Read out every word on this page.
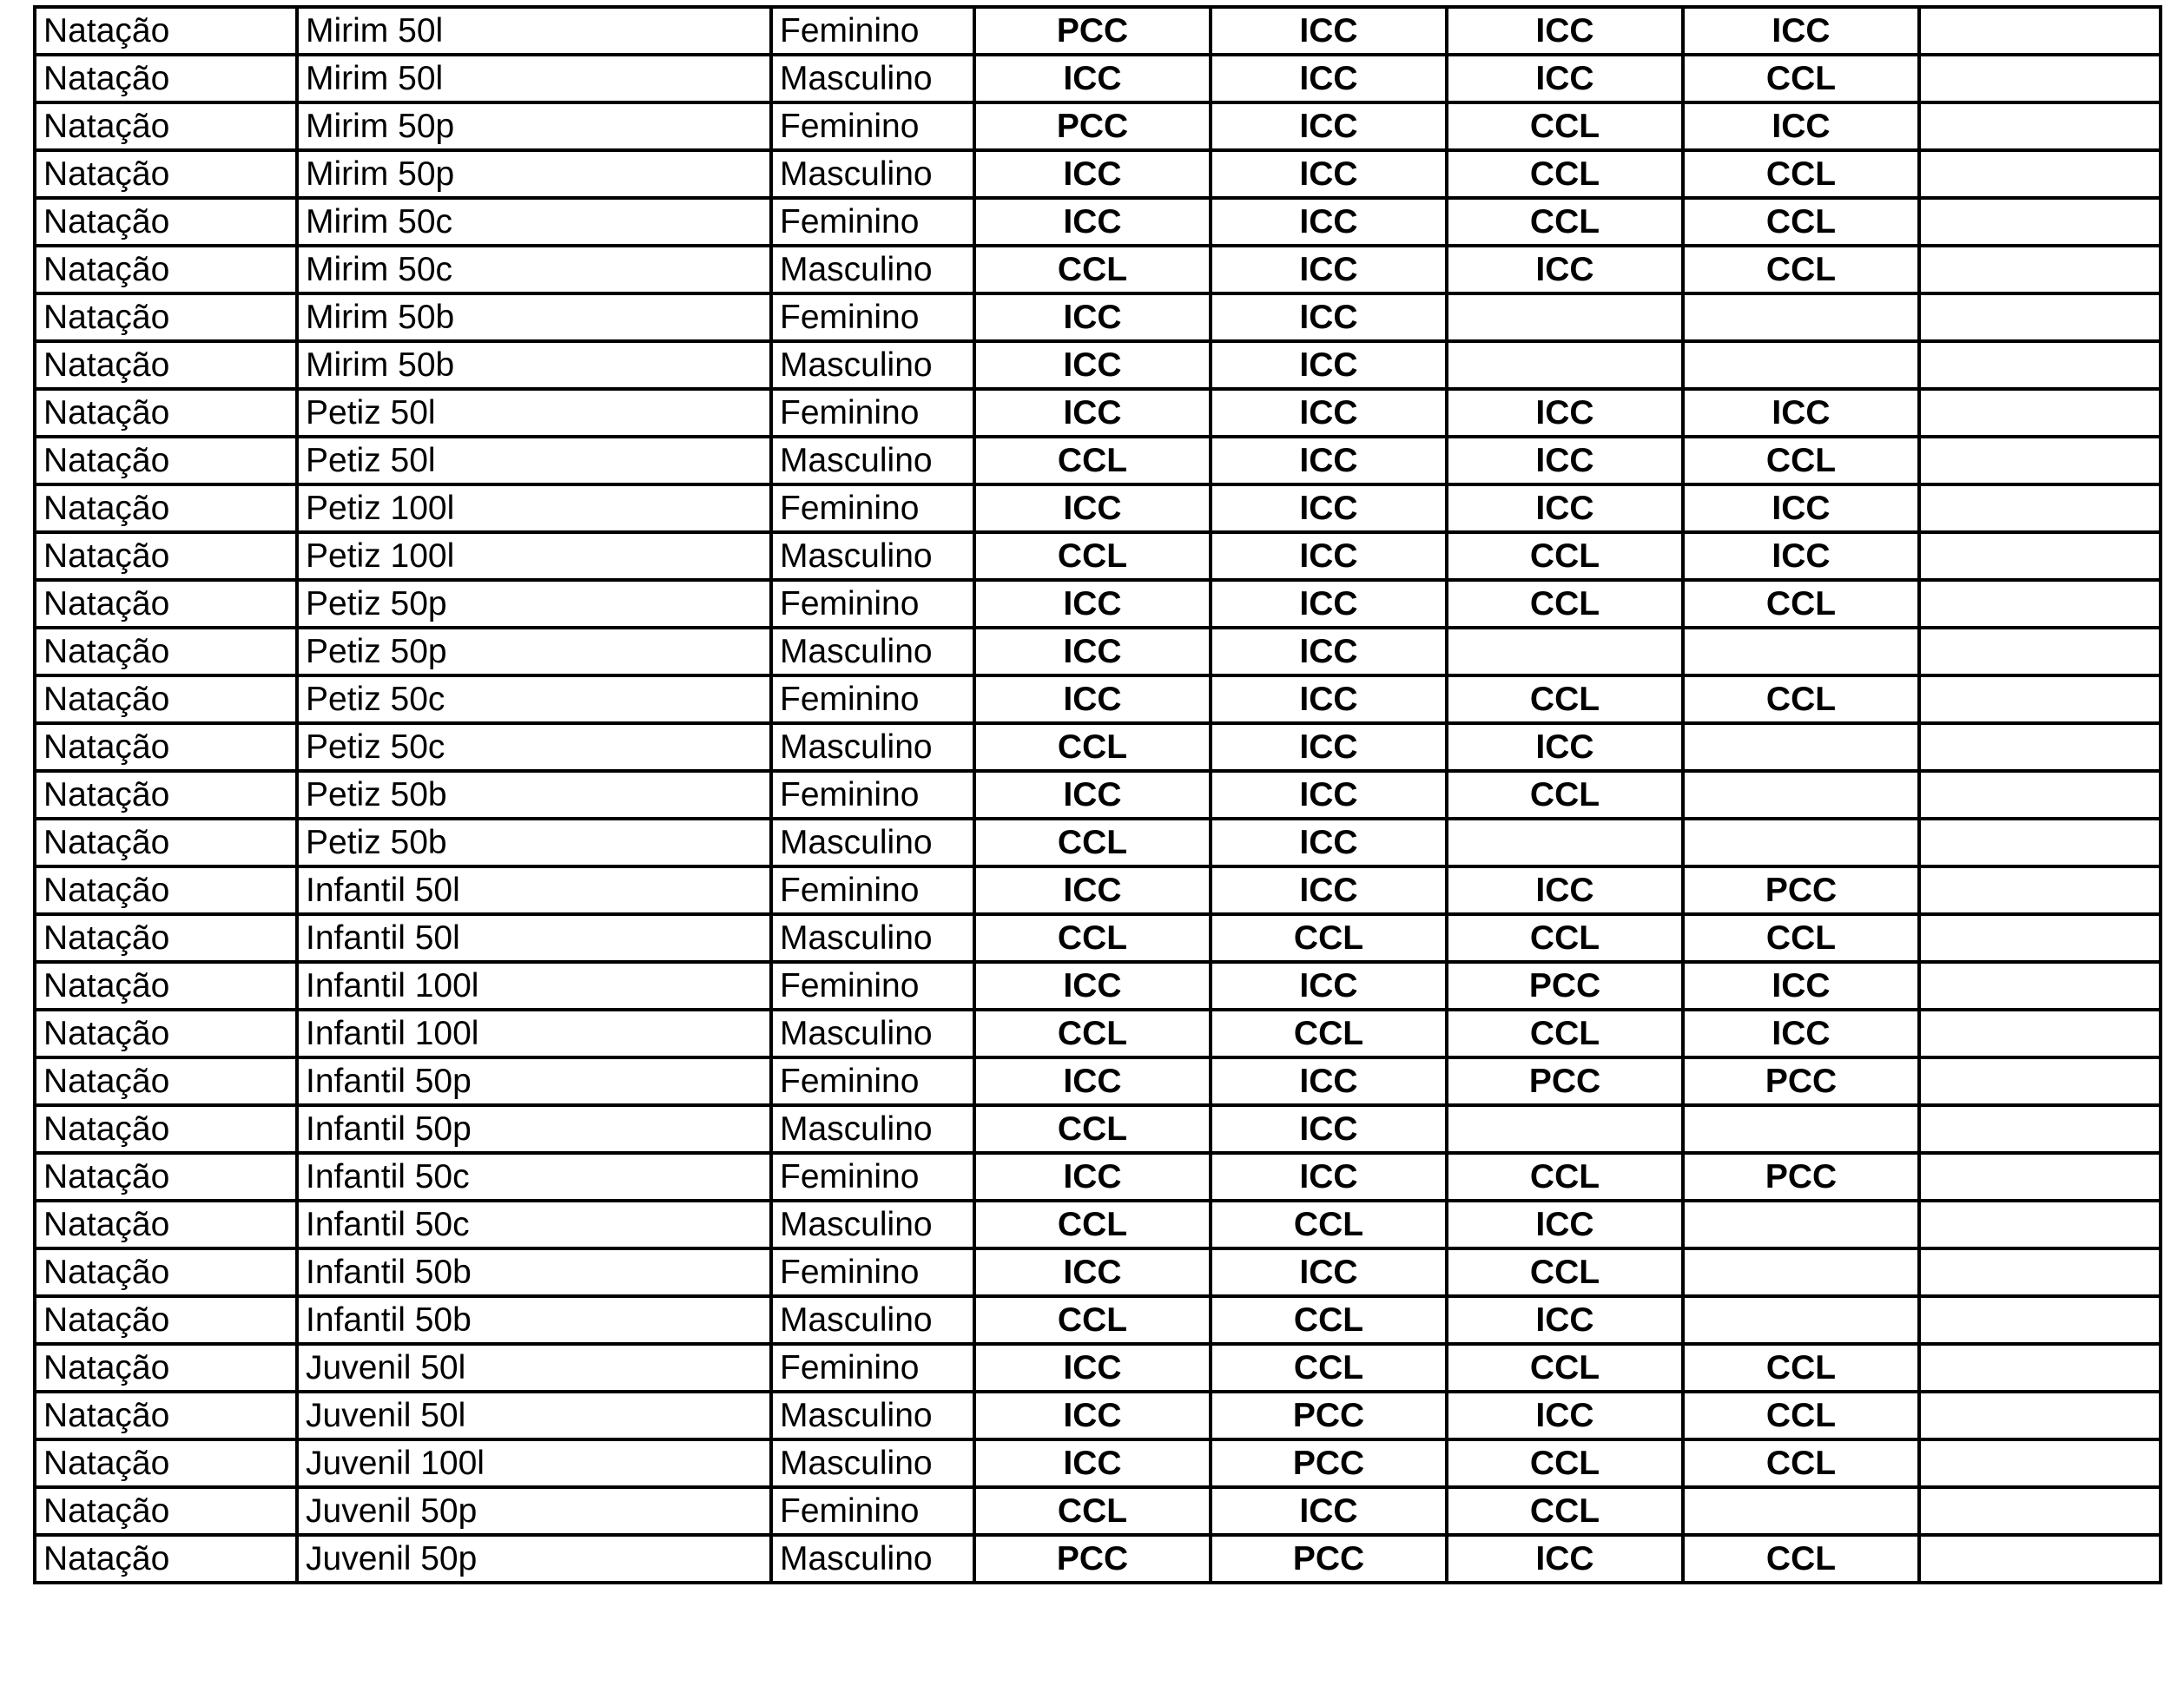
Natação	Mirim 50l	Feminino	PCC	ICC	ICC	ICC	
Natação	Mirim 50l	Masculino	ICC	ICC	ICC	CCL	
Natação	Mirim 50p	Feminino	PCC	ICC	CCL	ICC	
Natação	Mirim 50p	Masculino	ICC	ICC	CCL	CCL	
Natação	Mirim 50c	Feminino	ICC	ICC	CCL	CCL	
Natação	Mirim 50c	Masculino	CCL	ICC	ICC	CCL	
Natação	Mirim 50b	Feminino	ICC	ICC			
Natação	Mirim 50b	Masculino	ICC	ICC			
Natação	Petiz 50l	Feminino	ICC	ICC	ICC	ICC	
Natação	Petiz 50l	Masculino	CCL	ICC	ICC	CCL	
Natação	Petiz 100l	Feminino	ICC	ICC	ICC	ICC	
Natação	Petiz 100l	Masculino	CCL	ICC	CCL	ICC	
Natação	Petiz 50p	Feminino	ICC	ICC	CCL	CCL	
Natação	Petiz 50p	Masculino	ICC	ICC			
Natação	Petiz 50c	Feminino	ICC	ICC	CCL	CCL	
Natação	Petiz 50c	Masculino	CCL	ICC	ICC		
Natação	Petiz 50b	Feminino	ICC	ICC	CCL		
Natação	Petiz 50b	Masculino	CCL	ICC			
Natação	Infantil 50l	Feminino	ICC	ICC	ICC	PCC	
Natação	Infantil 50l	Masculino	CCL	CCL	CCL	CCL	
Natação	Infantil 100l	Feminino	ICC	ICC	PCC	ICC	
Natação	Infantil 100l	Masculino	CCL	CCL	CCL	ICC	
Natação	Infantil 50p	Feminino	ICC	ICC	PCC	PCC	
Natação	Infantil 50p	Masculino	CCL	ICC			
Natação	Infantil 50c	Feminino	ICC	ICC	CCL	PCC	
Natação	Infantil 50c	Masculino	CCL	CCL	ICC		
Natação	Infantil 50b	Feminino	ICC	ICC	CCL		
Natação	Infantil 50b	Masculino	CCL	CCL	ICC		
Natação	Juvenil 50l	Feminino	ICC	CCL	CCL	CCL	
Natação	Juvenil 50l	Masculino	ICC	PCC	ICC	CCL	
Natação	Juvenil 100l	Masculino	ICC	PCC	CCL	CCL	
Natação	Juvenil 50p	Feminino	CCL	ICC	CCL		
Natação	Juvenil 50p	Masculino	PCC	PCC	ICC	CCL	
